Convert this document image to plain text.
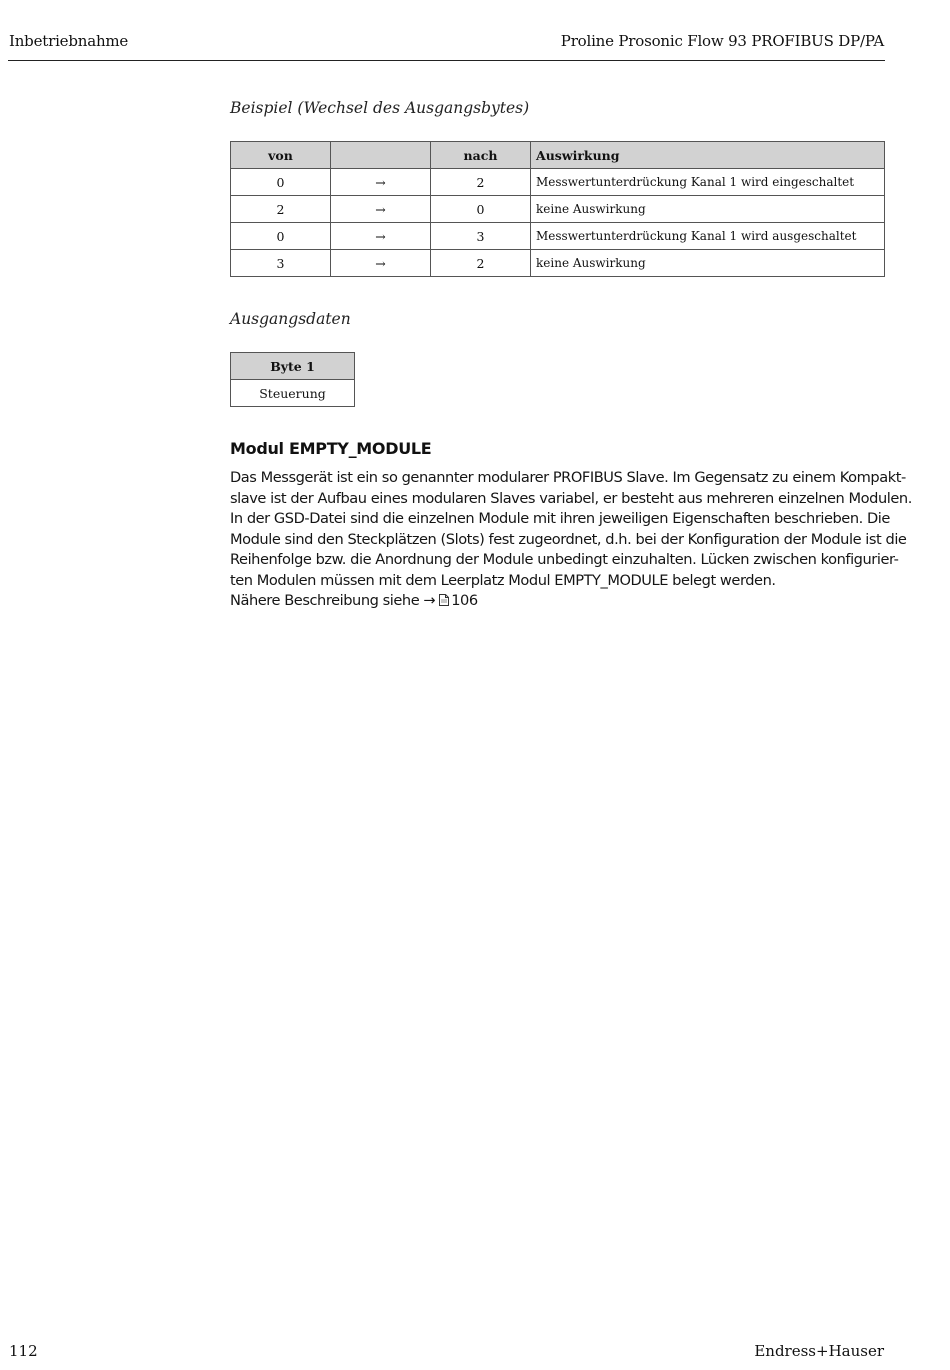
Inbetriebnahme	Proline Prosonic Flow 93 PROFIBUS DP/PA
Beispiel (Wechsel des Ausgangsbytes)
von		nach	Auswirkung
0	→	2	Messwertunterdrückung Kanal 1 wird eingeschaltet
2	→	0	keine Auswirkung
0	→	3	Messwertunterdrückung Kanal 1 wird ausgeschaltet
3	→	2	keine Auswirkung
Ausgangsdaten
Byte 1
Steuerung
Modul EMPTY_MODULE
Das Messgerät ist ein so genannter modularer PROFIBUS Slave. Im Gegensatz zu einem Kompakt-
slave ist der Aufbau eines modularen Slaves variabel, er besteht aus mehreren einzelnen Modulen.
In der GSD-Datei sind die einzelnen Module mit ihren jeweiligen Eigenschaften beschrieben. Die
Module sind den Steckplätzen (Slots) fest zugeordnet, d.h. bei der Konfiguration der Module ist die
Reihenfolge bzw. die Anordnung der Module unbedingt einzuhalten. Lücken zwischen konfigurier-
ten Modulen müssen mit dem Leerplatz Modul EMPTY_MODULE belegt werden.
Nähere Beschreibung siehe → 106
112	Endress+Hauser
